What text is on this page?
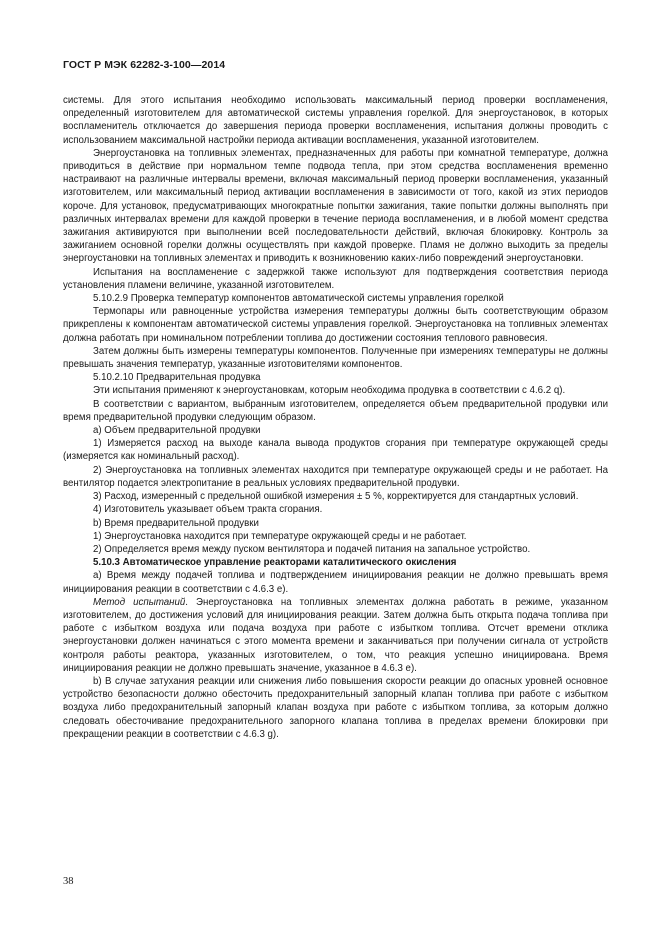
ГОСТ Р МЭК 62282-3-100—2014

системы. Для этого испытания необходимо использовать максимальный период проверки воспламенения, определенный изготовителем для автоматической системы управления горелкой. Для энергоустановок, в которых воспламенитель отключается до завершения периода проверки воспламенения, испытания должны проводить с использованием максимальной настройки периода активации воспламенения, указанной изготовителем.

Энергоустановка на топливных элементах, предназначенных для работы при комнатной температуре, должна приводиться в действие при нормальном темпе подвода тепла, при этом средства воспламенения временно настраивают на различные интервалы времени, включая максимальный период проверки воспламенения, указанный изготовителем, или максимальный период активации воспламенения в зависимости от того, какой из этих периодов короче. Для установок, предусматривающих многократные попытки зажигания, такие попытки должны выполнять при различных интервалах времени для каждой проверки в течение периода воспламенения, и в любой момент средства зажигания активируются при выполнении всей последовательности действий, включая блокировку. Контроль за зажиганием основной горелки должны осуществлять при каждой проверке. Пламя не должно выходить за пределы энергоустановки на топливных элементах и приводить к возникновению каких-либо повреждений энергоустановки.

Испытания на воспламенение с задержкой также используют для подтверждения соответствия периода установления пламени величине, указанной изготовителем.

5.10.2.9 Проверка температур компонентов автоматической системы управления горелкой

Термопары или равноценные устройства измерения температуры должны быть соответствующим образом прикреплены к компонентам автоматической системы управления горелкой. Энергоустановка на топливных элементах должна работать при номинальном потреблении топлива до достижении состояния теплового равновесия.

Затем должны быть измерены температуры компонентов. Полученные при измерениях температуры не должны превышать значения температур, указанные изготовителями компонентов.

5.10.2.10 Предварительная продувка

Эти испытания применяют к энергоустановкам, которым необходима продувка в соответствии с 4.6.2 q).

В соответствии с вариантом, выбранным изготовителем, определяется объем предварительной продувки или время предварительной продувки следующим образом.

а) Объем предварительной продувки

1) Измеряется расход на выходе канала вывода продуктов сгорания при температуре окружающей среды (измеряется как номинальный расход).

2) Энергоустановка на топливных элементах находится при температуре окружающей среды и не работает. На вентилятор подается электропитание в реальных условиях предварительной продувки.

3) Расход, измеренный с предельной ошибкой измерения ± 5 %, корректируется для стандартных условий.

4) Изготовитель указывает объем тракта сгорания.

b) Время предварительной продувки

1) Энергоустановка находится при температуре окружающей среды и не работает.

2) Определяется время между пуском вентилятора и подачей питания на запальное устройство.

5.10.3 Автоматическое управление реакторами каталитического окисления

а) Время между подачей топлива и подтверждением инициирования реакции не должно превышать время инициирования реакции в соответствии с 4.6.3 е).

Метод испытаний. Энергоустановка на топливных элементах должна работать в режиме, указанном изготовителем, до достижения условий для инициирования реакции. Затем должна быть открыта подача топлива при работе с избытком воздуха или подача воздуха при работе с избытком топлива. Отсчет времени отклика энергоустановки должен начинаться с этого момента времени и заканчиваться при получении сигнала от устройств контроля работы реактора, указанных изготовителем, о том, что реакция успешно инициирована. Время инициирования реакции не должно превышать значение, указанное в 4.6.3 е).

b) В случае затухания реакции или снижения либо повышения скорости реакции до опасных уровней основное устройство безопасности должно обесточить предохранительный запорный клапан топлива при работе с избытком воздуха либо предохранительный запорный клапан воздуха при работе с избытком топлива, за которым должно следовать обесточивание предохранительного запорного клапана топлива в пределах времени блокировки при прекращении реакции в соответствии с 4.6.3 g).

38
